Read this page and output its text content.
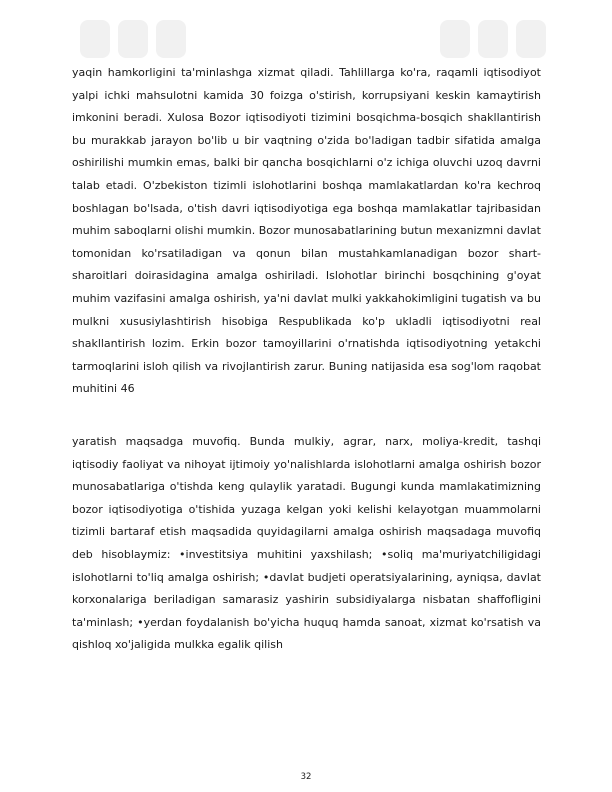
yaqin hamkorligini ta'minlashga xizmat qiladi. Tahlillarga ko'ra, raqamli iqtisodiyot yalpi ichki mahsulotni kamida 30 foizga o'stirish, korrupsiyani keskin kamaytirish imkonini beradi. Xulosa Bozor iqtisodiyoti tizimini bosqichma-bosqich shakllantirish bu murakkab jarayon bo'lib u bir vaqtning o'zida bo'ladigan tadbir sifatida amalga oshirilishi mumkin emas, balki bir qancha bosqichlarni o'z ichiga oluvchi uzoq davrni talab etadi. O'zbekiston tizimli islohotlarini boshqa mamlakatlardan ko'ra kechroq boshlagan bo'lsada, o'tish davri iqtisodiyotiga ega boshqa mamlakatlar tajribasidan muhim saboqlarni olishi mumkin. Bozor munosabatlarining butun mexanizmni davlat tomonidan ko'rsatiladigan va qonun bilan mustahkamlanadigan bozor shart-sharoitlari doirasidagina amalga oshiriladi. Islohotlar birinchi bosqchining g'oyat muhim vazifasini amalga oshirish, ya'ni davlat mulki yakkahokimligini tugatish va bu mulkni xususiylashtirish hisobiga Respublikada ko'p ukladli iqtisodiyotni real shakllantirish lozim. Erkin bozor tamoyillarini o'rnatishda iqtisodiyotning yetakchi tarmoqlarini isloh qilish va rivojlantirish zarur. Buning natijasida esa sog'lom raqobat muhitini 46

yaratish maqsadga muvofiq. Bunda mulkiy, agrar, narx, moliya-kredit, tashqi iqtisodiy faoliyat va nihoyat ijtimoiy yo'nalishlarda islohotlarni amalga oshirish bozor munosabatlariga o'tishda keng qulaylik yaratadi. Bugungi kunda mamlakatimizning bozor iqtisodiyotiga o'tishida yuzaga kelgan yoki kelishi kelayotgan muammolarni tizimli bartaraf etish maqsadida quyidagilarni amalga oshirish maqsadaga muvofiq deb hisoblaymiz: •investitsiya muhitini yaxshilash; •soliq ma'muriyatchiligidagi islohotlarni to'liq amalga oshirish; •davlat budjeti operatsiyalarining, ayniqsa, davlat korxonalariga beriladigan samarasiz yashirin subsidiyalarga nisbatan shaffofligini ta'minlash; •yerdan foydalanish bo'yicha huquq hamda sanoat, xizmat ko'rsatish va qishloq xo'jaligida mulkka egalik qilish

32
